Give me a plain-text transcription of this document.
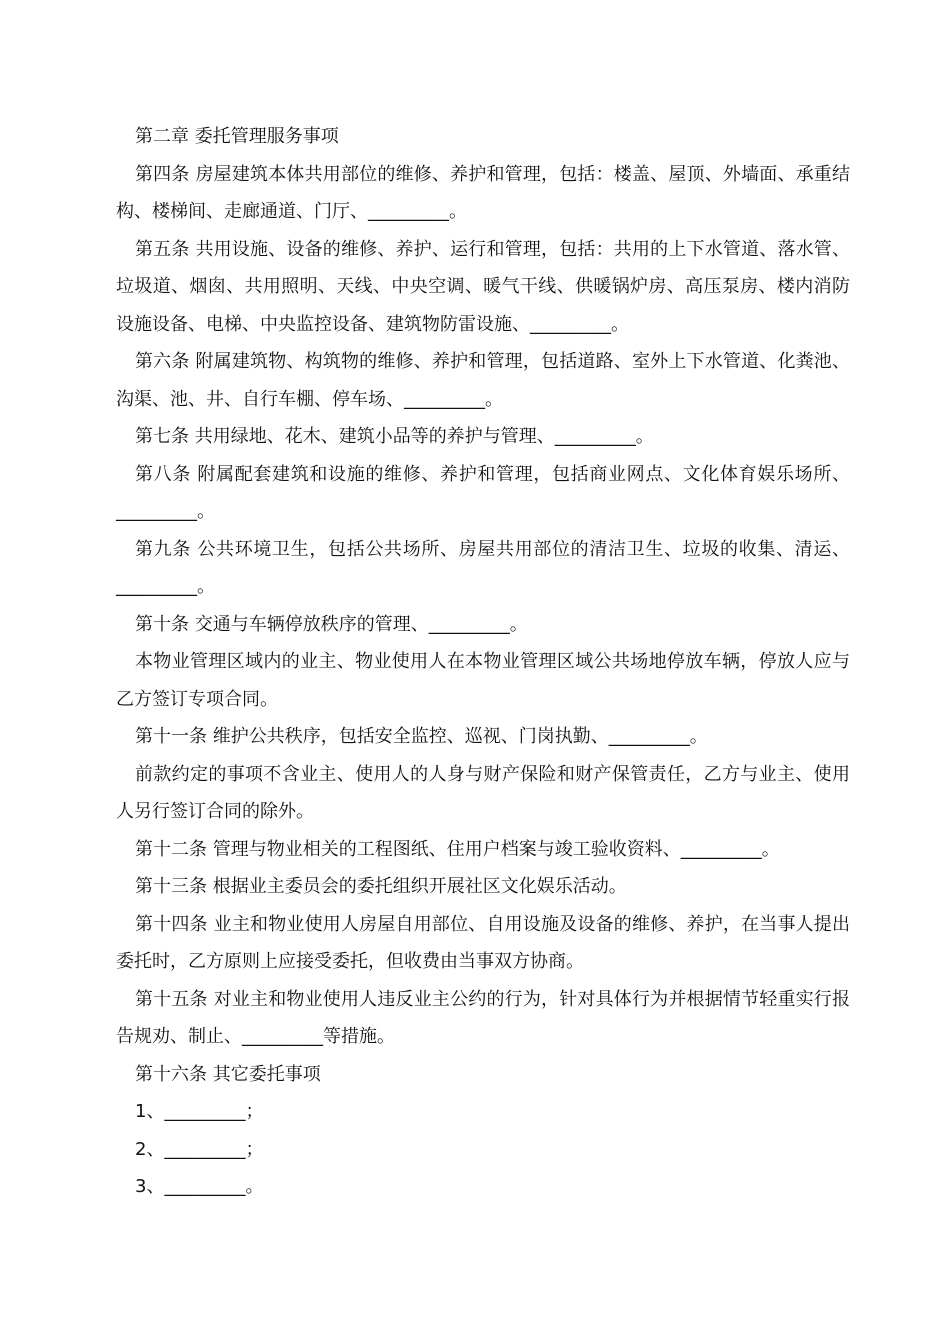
第二章 委托管理服务事项

第四条 房屋建筑本体共用部位的维修、养护和管理，包括：楼盖、屋顶、外墙面、承重结构、楼梯间、走廊通道、门厅、_________。

第五条 共用设施、设备的维修、养护、运行和管理，包括：共用的上下水管道、落水管、垃圾道、烟囱、共用照明、天线、中央空调、暖气干线、供暖锅炉房、高压泵房、楼内消防设施设备、电梯、中央监控设备、建筑物防雷设施、_________。

第六条 附属建筑物、构筑物的维修、养护和管理，包括道路、室外上下水管道、化粪池、沟渠、池、井、自行车棚、停车场、_________。

第七条 共用绿地、花木、建筑小品等的养护与管理、_________。

第八条 附属配套建筑和设施的维修、养护和管理，包括商业网点、文化体育娱乐场所、_________。

第九条 公共环境卫生，包括公共场所、房屋共用部位的清洁卫生、垃圾的收集、清运、_________。

第十条 交通与车辆停放秩序的管理、_________。

本物业管理区域内的业主、物业使用人在本物业管理区域公共场地停放车辆，停放人应与乙方签订专项合同。

第十一条 维护公共秩序，包括安全监控、巡视、门岗执勤、_________。

前款约定的事项不含业主、使用人的人身与财产保险和财产保管责任，乙方与业主、使用人另行签订合同的除外。

第十二条 管理与物业相关的工程图纸、住用户档案与竣工验收资料、_________。

第十三条 根据业主委员会的委托组织开展社区文化娱乐活动。

第十四条 业主和物业使用人房屋自用部位、自用设施及设备的维修、养护，在当事人提出委托时，乙方原则上应接受委托，但收费由当事双方协商。

第十五条 对业主和物业使用人违反业主公约的行为，针对具体行为并根据情节轻重实行报告规劝、制止、_________等措施。

第十六条 其它委托事项

1、_________；

2、_________；

3、_________。
